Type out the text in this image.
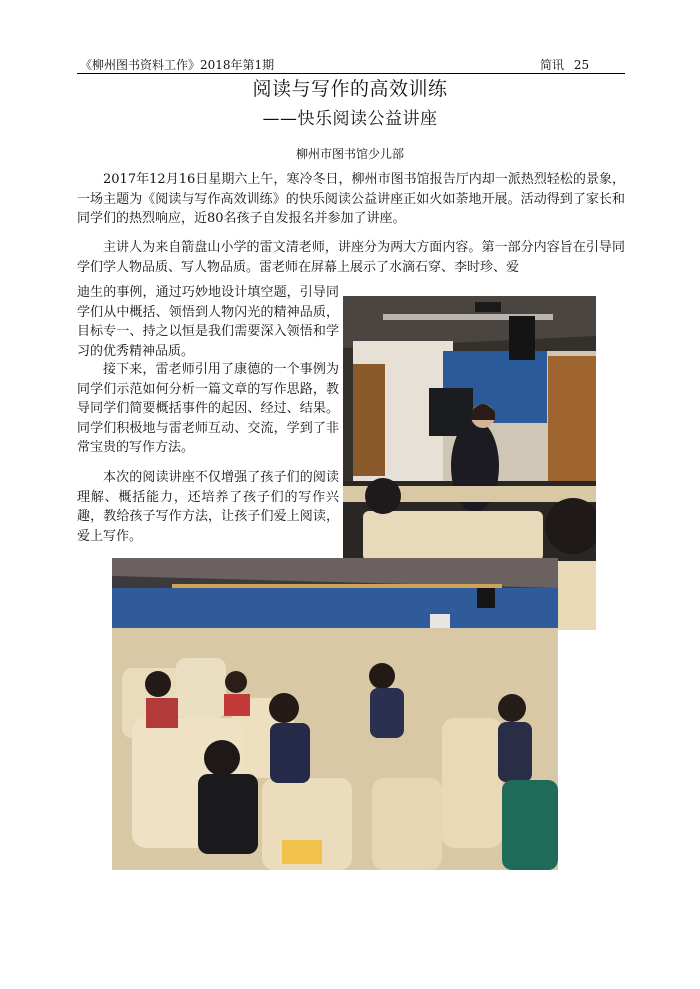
《柳州图书资料工作》2018年第1期	简讯 25
阅读与写作的高效训练
——快乐阅读公益讲座
柳州市图书馆少儿部

2017年12月16日星期六上午，寒冷冬日，柳州市图书馆报告厅内却一派热烈轻松的景象，一场主题为《阅读与写作高效训练》的快乐阅读公益讲座正如火如荼地开展。活动得到了家长和同学们的热烈响应，近80名孩子自发报名并参加了讲座。

主讲人为来自箭盘山小学的雷文清老师，讲座分为两大方面内容。第一部分内容旨在引导同学们学人物品质、写人物品质。雷老师在屏幕上展示了水滴石穿、李时珍、爱

迪生的事例，通过巧妙地设计填空题，引导同学们从中概括、领悟到人物闪光的精神品质，目标专一、持之以恒是我们需要深入领悟和学习的优秀精神品质。

接下来，雷老师引用了康德的一个事例为同学们示范如何分析一篇文章的写作思路，教导同学们简要概括事件的起因、经过、结果。同学们积极地与雷老师互动、交流，学到了非常宝贵的写作方法。

本次的阅读讲座不仅增强了孩子们的阅读理解、概括能力，还培养了孩子们的写作兴趣，教给孩子写作方法，让孩子们爱上阅读，爱上写作。
